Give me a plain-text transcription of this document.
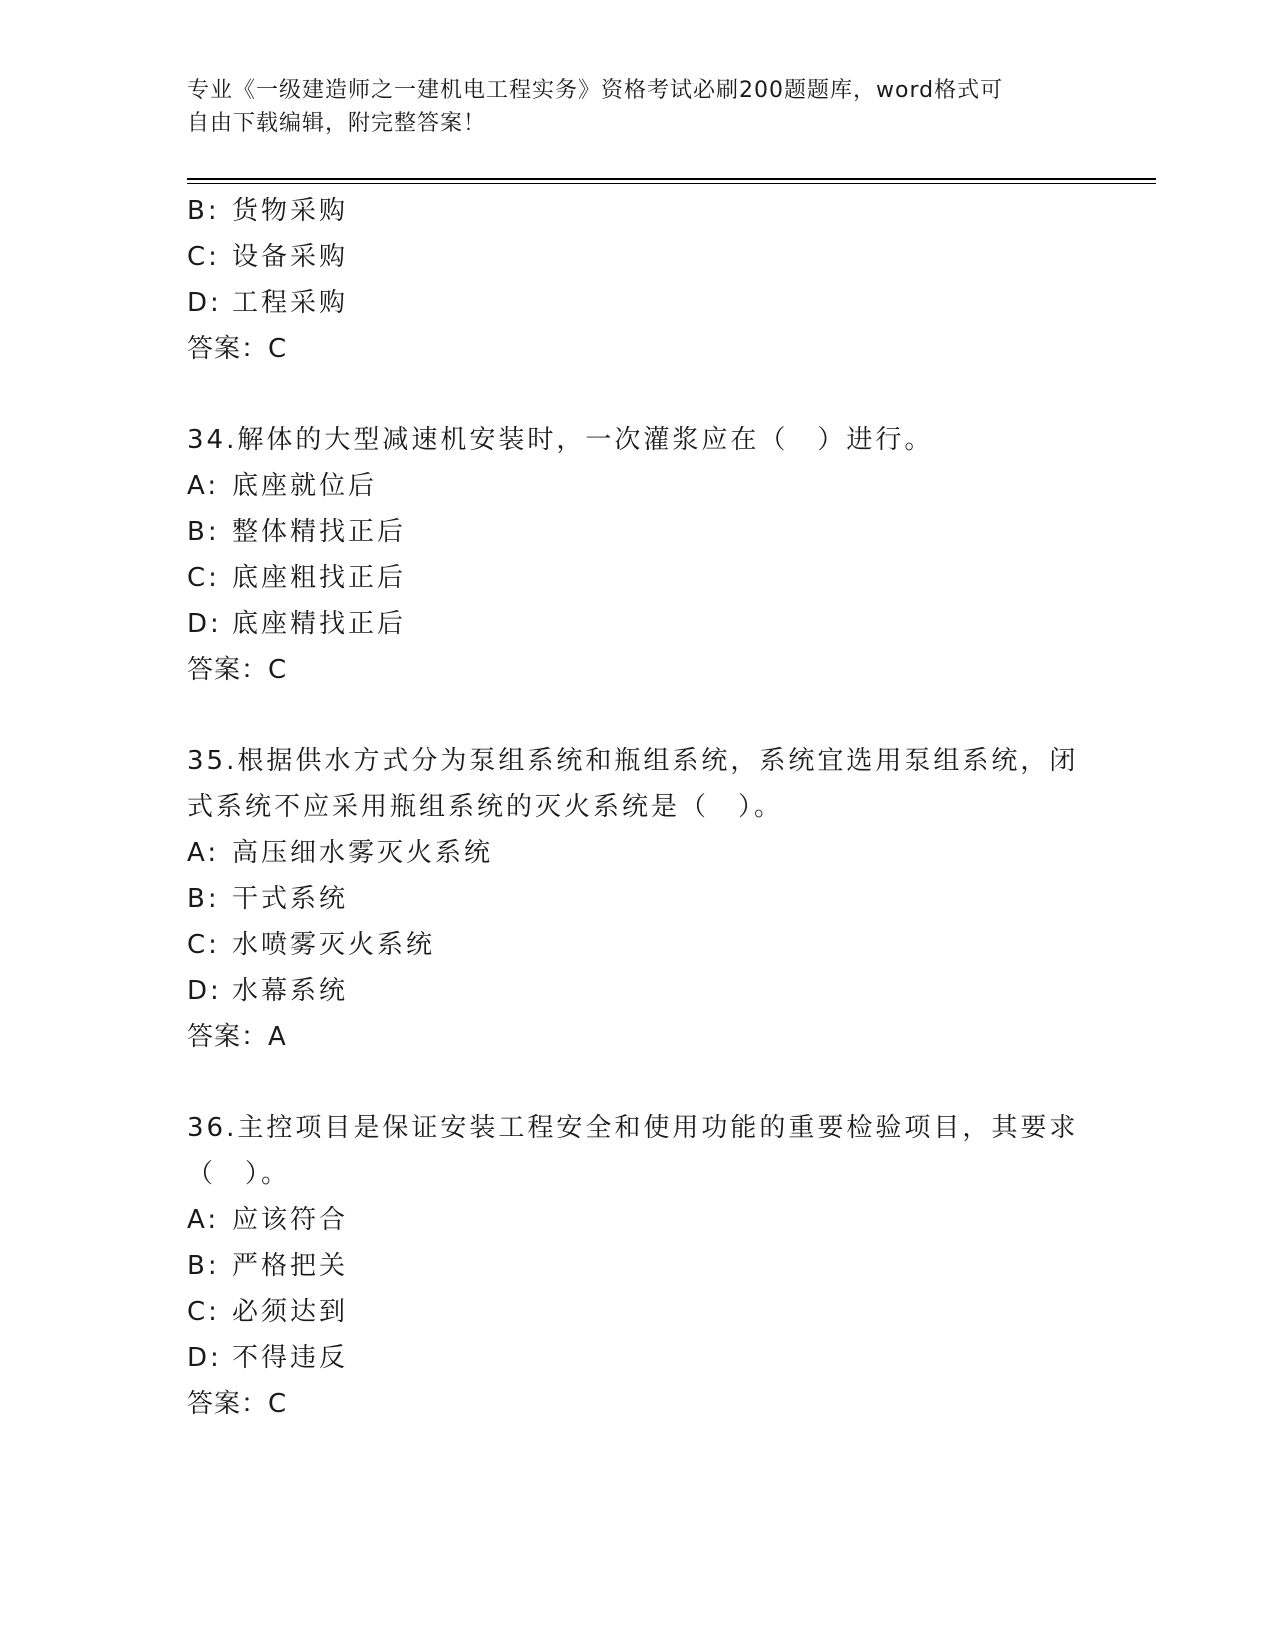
专业《一级建造师之一建机电工程实务》资格考试必刷200题题库，word格式可
自由下载编辑，附完整答案！
B: 货物采购
C: 设备采购
D: 工程采购
答案：C
34.解体的大型减速机安装时，一次灌浆应在（　）进行。
A: 底座就位后
B: 整体精找正后
C: 底座粗找正后
D: 底座精找正后
答案：C
35.根据供水方式分为泵组系统和瓶组系统，系统宜选用泵组系统，闭
式系统不应采用瓶组系统的灭火系统是（　）。
A: 高压细水雾灭火系统
B: 干式系统
C: 水喷雾灭火系统
D: 水幕系统
答案：A
36.主控项目是保证安装工程安全和使用功能的重要检验项目，其要求
（　）。
A: 应该符合
B: 严格把关
C: 必须达到
D: 不得违反
答案：C
